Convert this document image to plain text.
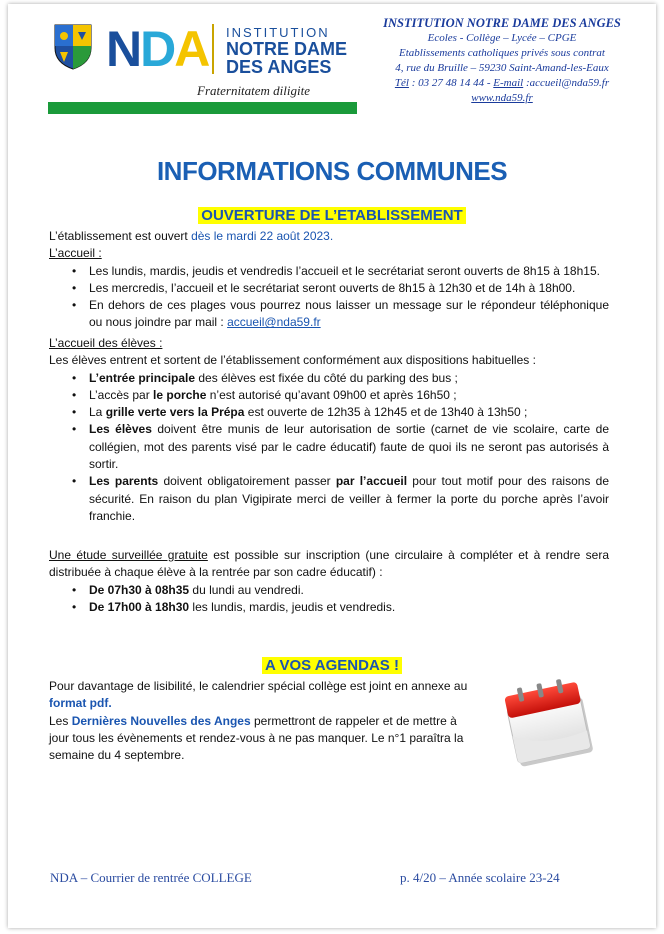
NDA INSTITUTION
NOTRE DAME
DES ANGES
Fraternitatem diligite
INSTITUTION NOTRE DAME DES ANGES
Ecoles - Collège – Lycée – CPGE
Etablissements catholiques privés sous contrat
4, rue du Bruille – 59230 Saint-Amand-les-Eaux
Tél : 03 27 48 14 44 - E-mail :accueil@nda59.fr
www.nda59.fr
INFORMATIONS COMMUNES
OUVERTURE DE L’ETABLISSEMENT

L’établissement est ouvert dès le mardi 22 août 2023.

L’accueil :

• Les lundis, mardis, jeudis et vendredis l’accueil et le secrétariat seront ouverts de 8h15 à 18h15.
• Les mercredis, l’accueil et le secrétariat seront ouverts de 8h15 à 12h30 et de 14h à 18h00.
• En dehors de ces plages vous pourrez nous laisser un message sur le répondeur téléphonique ou nous joindre par mail : accueil@nda59.fr

L’accueil des élèves :

Les élèves entrent et sortent de l’établissement conformément aux dispositions habituelles :

• L’entrée principale des élèves est fixée du côté du parking des bus ;
• L’accès par le porche n’est autorisé qu’avant 09h00 et après 16h50 ;
• La grille verte vers la Prépa est ouverte de 12h35 à 12h45 et de 13h40 à 13h50 ;
• Les élèves doivent être munis de leur autorisation de sortie (carnet de vie scolaire, carte de collégien, mot des parents visé par le cadre éducatif) faute de quoi ils ne seront pas autorisés à sortir.
• Les parents doivent obligatoirement passer par l’accueil pour tout motif pour des raisons de sécurité. En raison du plan Vigipirate merci de veiller à fermer la porte du porche après l’avoir franchie.

Une étude surveillée gratuite est possible sur inscription (une circulaire à compléter et à rendre sera distribuée à chaque élève à la rentrée par son cadre éducatif) :

• De 07h30 à 08h35 du lundi au vendredi.
• De 17h00 à 18h30 les lundis, mardis, jeudis et vendredis.
A VOS AGENDAS !

Pour davantage de lisibilité, le calendrier spécial collège est joint en annexe au format pdf.

Les Dernières Nouvelles des Anges permettront de rappeler et de mettre à jour tous les évènements et rendez-vous à ne pas manquer. Le n°1 paraîtra la semaine du 4 septembre.

NDA – Courrier de rentrée COLLEGE	p. 4/20 – Année scolaire 23-24
